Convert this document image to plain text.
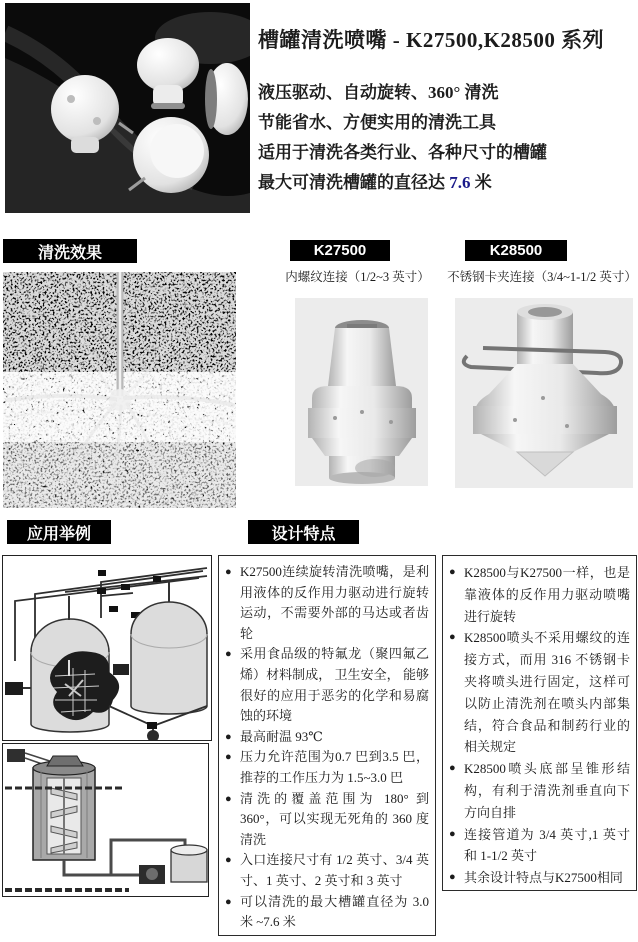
槽罐清洗喷嘴 - K27500,K28500 系列
液压驱动、自动旋转、360° 清洗
节能省水、方便实用的清洗工具
适用于清洗各类行业、各种尺寸的槽罐
最大可清洗槽罐的直径达 7.6 米
清洗效果	K27500	K28500
内螺纹连接（1/2~3 英寸）	不锈钢卡夹连接（3/4~1-1/2 英寸）
应用举例	设计特点
● K27500连续旋转清洗喷嘴，是利用液体的反作用力驱动进行旋转运动，不需要外部的马达或者齿轮
● 采用食品级的特氟龙（聚四氟乙烯）材料制成， 卫生安全， 能够很好的应用于恶劣的化学和易腐蚀的环境
● 最高耐温 93℃
● 压力允许范围为0.7 巴到3.5 巴，推荐的工作压力为 1.5~3.0 巴
● 清洗的覆盖范围为 180° 到 360°，可以实现无死角的 360 度清洗
● 入口连接尺寸有 1/2 英寸、3/4 英寸、1 英寸、2 英寸和 3 英寸
● 可以清洗的最大槽罐直径为 3.0 米 ~7.6 米
● K28500与K27500一样，也是靠液体的反作用力驱动喷嘴进行旋转
● K28500喷头不采用螺纹的连接方式，而用 316 不锈钢卡夹将喷头进行固定，这样可以防止清洗剂在喷头内部集结，符合食品和制药行业的相关规定
● K28500喷头底部呈锥形结构，有利于清洗剂垂直向下方向自排
● 连接管道为 3/4 英寸,1 英寸和 1-1/2 英寸
● 其余设计特点与K27500相同
